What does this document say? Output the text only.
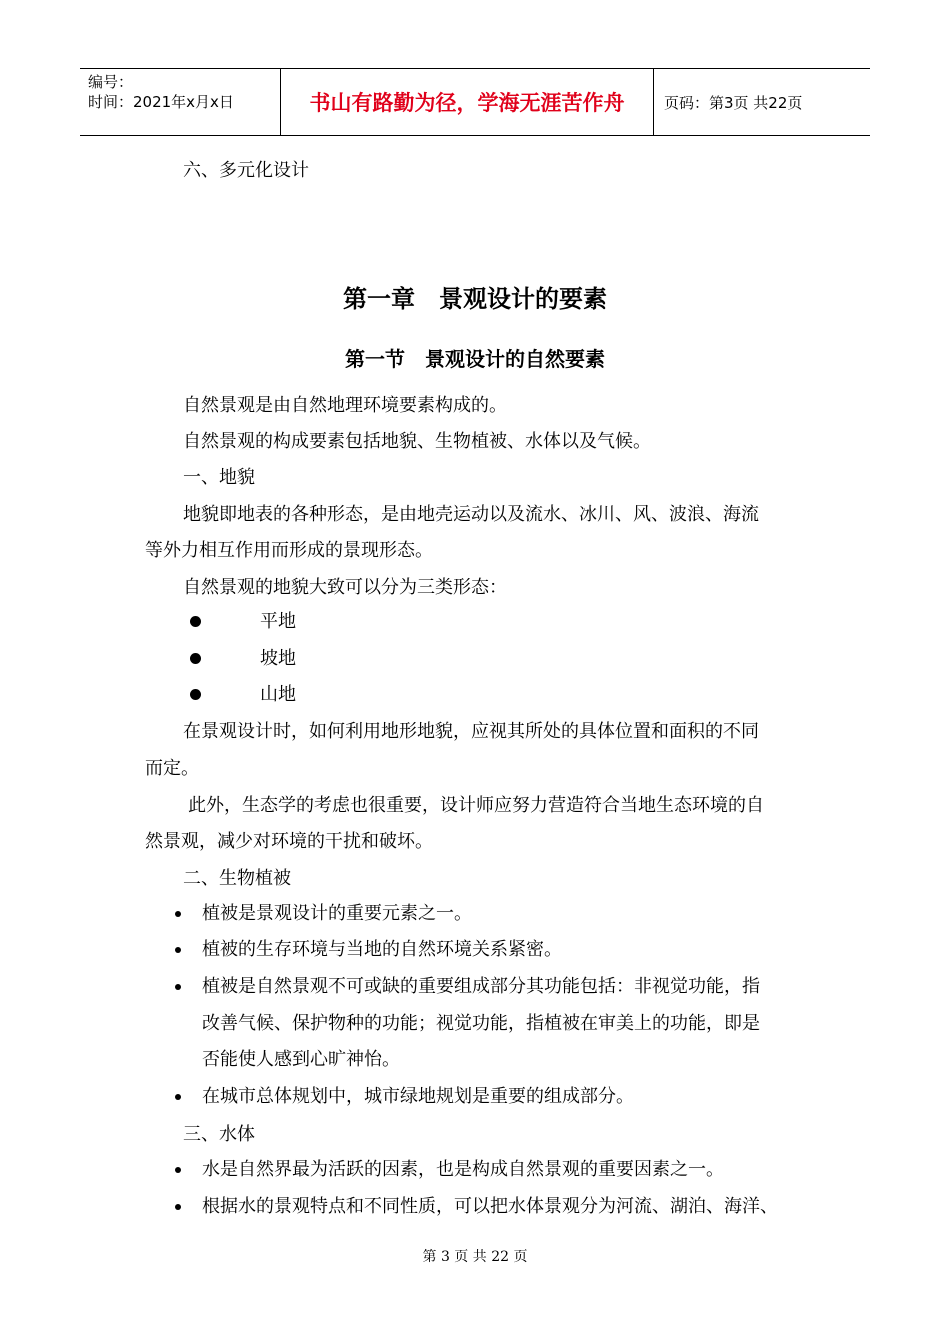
编号：
时间：2021年x月x日	书山有路勤为径，学海无涯苦作舟	页码：第3页 共22页
六、多元化设计
第一章　景观设计的要素
第一节　景观设计的自然要素
自然景观是由自然地理环境要素构成的。
自然景观的构成要素包括地貌、生物植被、水体以及气候。
一、地貌
地貌即地表的各种形态，是由地壳运动以及流水、冰川、风、波浪、海流
等外力相互作用而形成的景现形态。
自然景观的地貌大致可以分为三类形态：
平地
坡地
山地
在景观设计时，如何利用地形地貌，应视其所处的具体位置和面积的不同
而定。
此外，生态学的考虑也很重要，设计师应努力营造符合当地生态环境的自
然景观，减少对环境的干扰和破坏。
二、生物植被
植被是景观设计的重要元素之一。
植被的生存环境与当地的自然环境关系紧密。
植被是自然景观不可或缺的重要组成部分其功能包括：非视觉功能，指
改善气候、保护物种的功能；视觉功能，指植被在审美上的功能，即是
否能使人感到心旷神怡。
在城市总体规划中，城市绿地规划是重要的组成部分。
三、水体
水是自然界最为活跃的因素，也是构成自然景观的重要因素之一。
根据水的景观特点和不同性质，可以把水体景观分为河流、湖泊、海洋、
第 3 页 共 22 页
